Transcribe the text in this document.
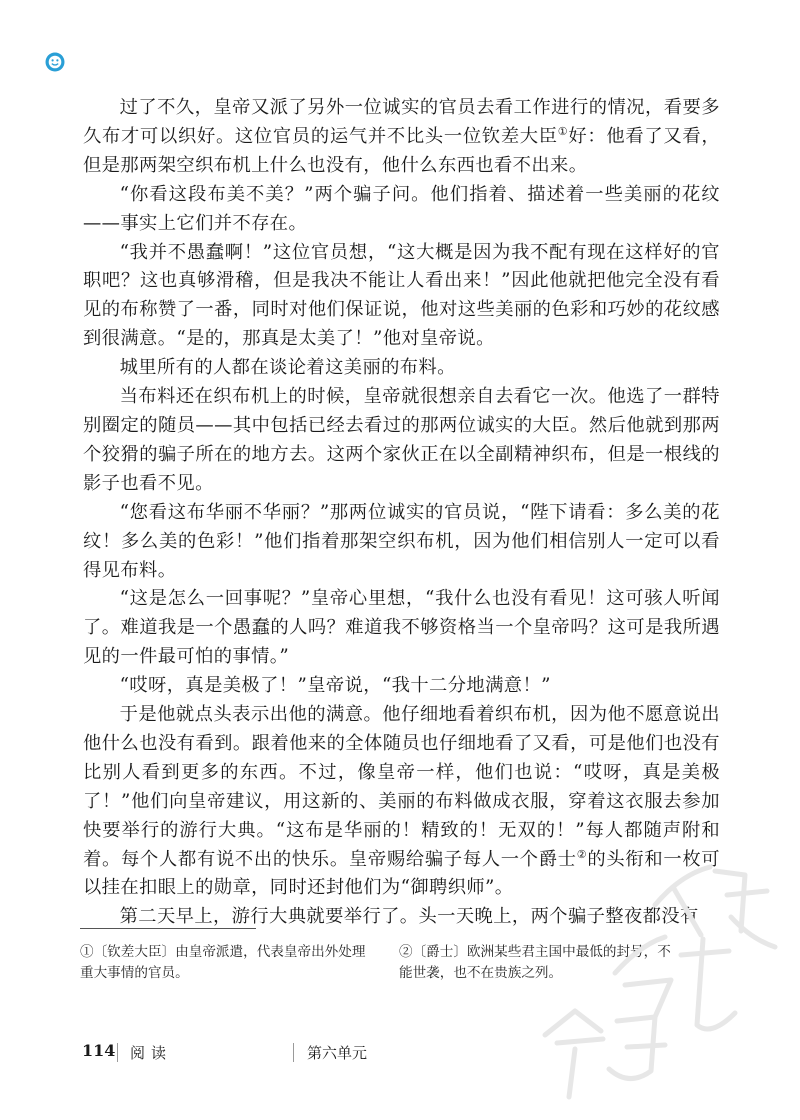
过了不久，皇帝又派了另外一位诚实的官员去看工作进行的情况，看要多久布才可以织好。这位官员的运气并不比头一位钦差大臣①好：他看了又看，但是那两架空织布机上什么也没有，他什么东西也看不出来。

“你看这段布美不美？”两个骗子问。他们指着、描述着一些美丽的花纹——事实上它们并不存在。

“我并不愚蠢啊！”这位官员想，“这大概是因为我不配有现在这样好的官职吧？这也真够滑稽，但是我决不能让人看出来！”因此他就把他完全没有看见的布称赞了一番，同时对他们保证说，他对这些美丽的色彩和巧妙的花纹感到很满意。“是的，那真是太美了！”他对皇帝说。

城里所有的人都在谈论着这美丽的布料。

当布料还在织布机上的时候，皇帝就很想亲自去看它一次。他选了一群特别圈定的随员——其中包括已经去看过的那两位诚实的大臣。然后他就到那两个狡猾的骗子所在的地方去。这两个家伙正在以全副精神织布，但是一根线的影子也看不见。

“您看这布华丽不华丽？”那两位诚实的官员说，“陛下请看：多么美的花纹！多么美的色彩！”他们指着那架空织布机，因为他们相信别人一定可以看得见布料。

“这是怎么一回事呢？”皇帝心里想，“我什么也没有看见！这可骇人听闻了。难道我是一个愚蠢的人吗？难道我不够资格当一个皇帝吗？这可是我所遇见的一件最可怕的事情。”

“哎呀，真是美极了！”皇帝说，“我十二分地满意！”

于是他就点头表示出他的满意。他仔细地看着织布机，因为他不愿意说出他什么也没有看到。跟着他来的全体随员也仔细地看了又看，可是他们也没有比别人看到更多的东西。不过，像皇帝一样，他们也说：“哎呀，真是美极了！”他们向皇帝建议，用这新的、美丽的布料做成衣服，穿着这衣服去参加快要举行的游行大典。“这布是华丽的！精致的！无双的！”每人都随声附和着。每个人都有说不出的快乐。皇帝赐给骗子每人一个爵士②的头衔和一枚可以挂在扣眼上的勋章，同时还封他们为“御聘织师”。

第二天早上，游行大典就要举行了。头一天晚上，两个骗子整夜都没有

①〔钦差大臣〕由皇帝派遣，代表皇帝出外处理重大事情的官员。
②〔爵士〕欧洲某些君主国中最低的封号，不能世袭，也不在贵族之列。
114 阅读	第六单元
